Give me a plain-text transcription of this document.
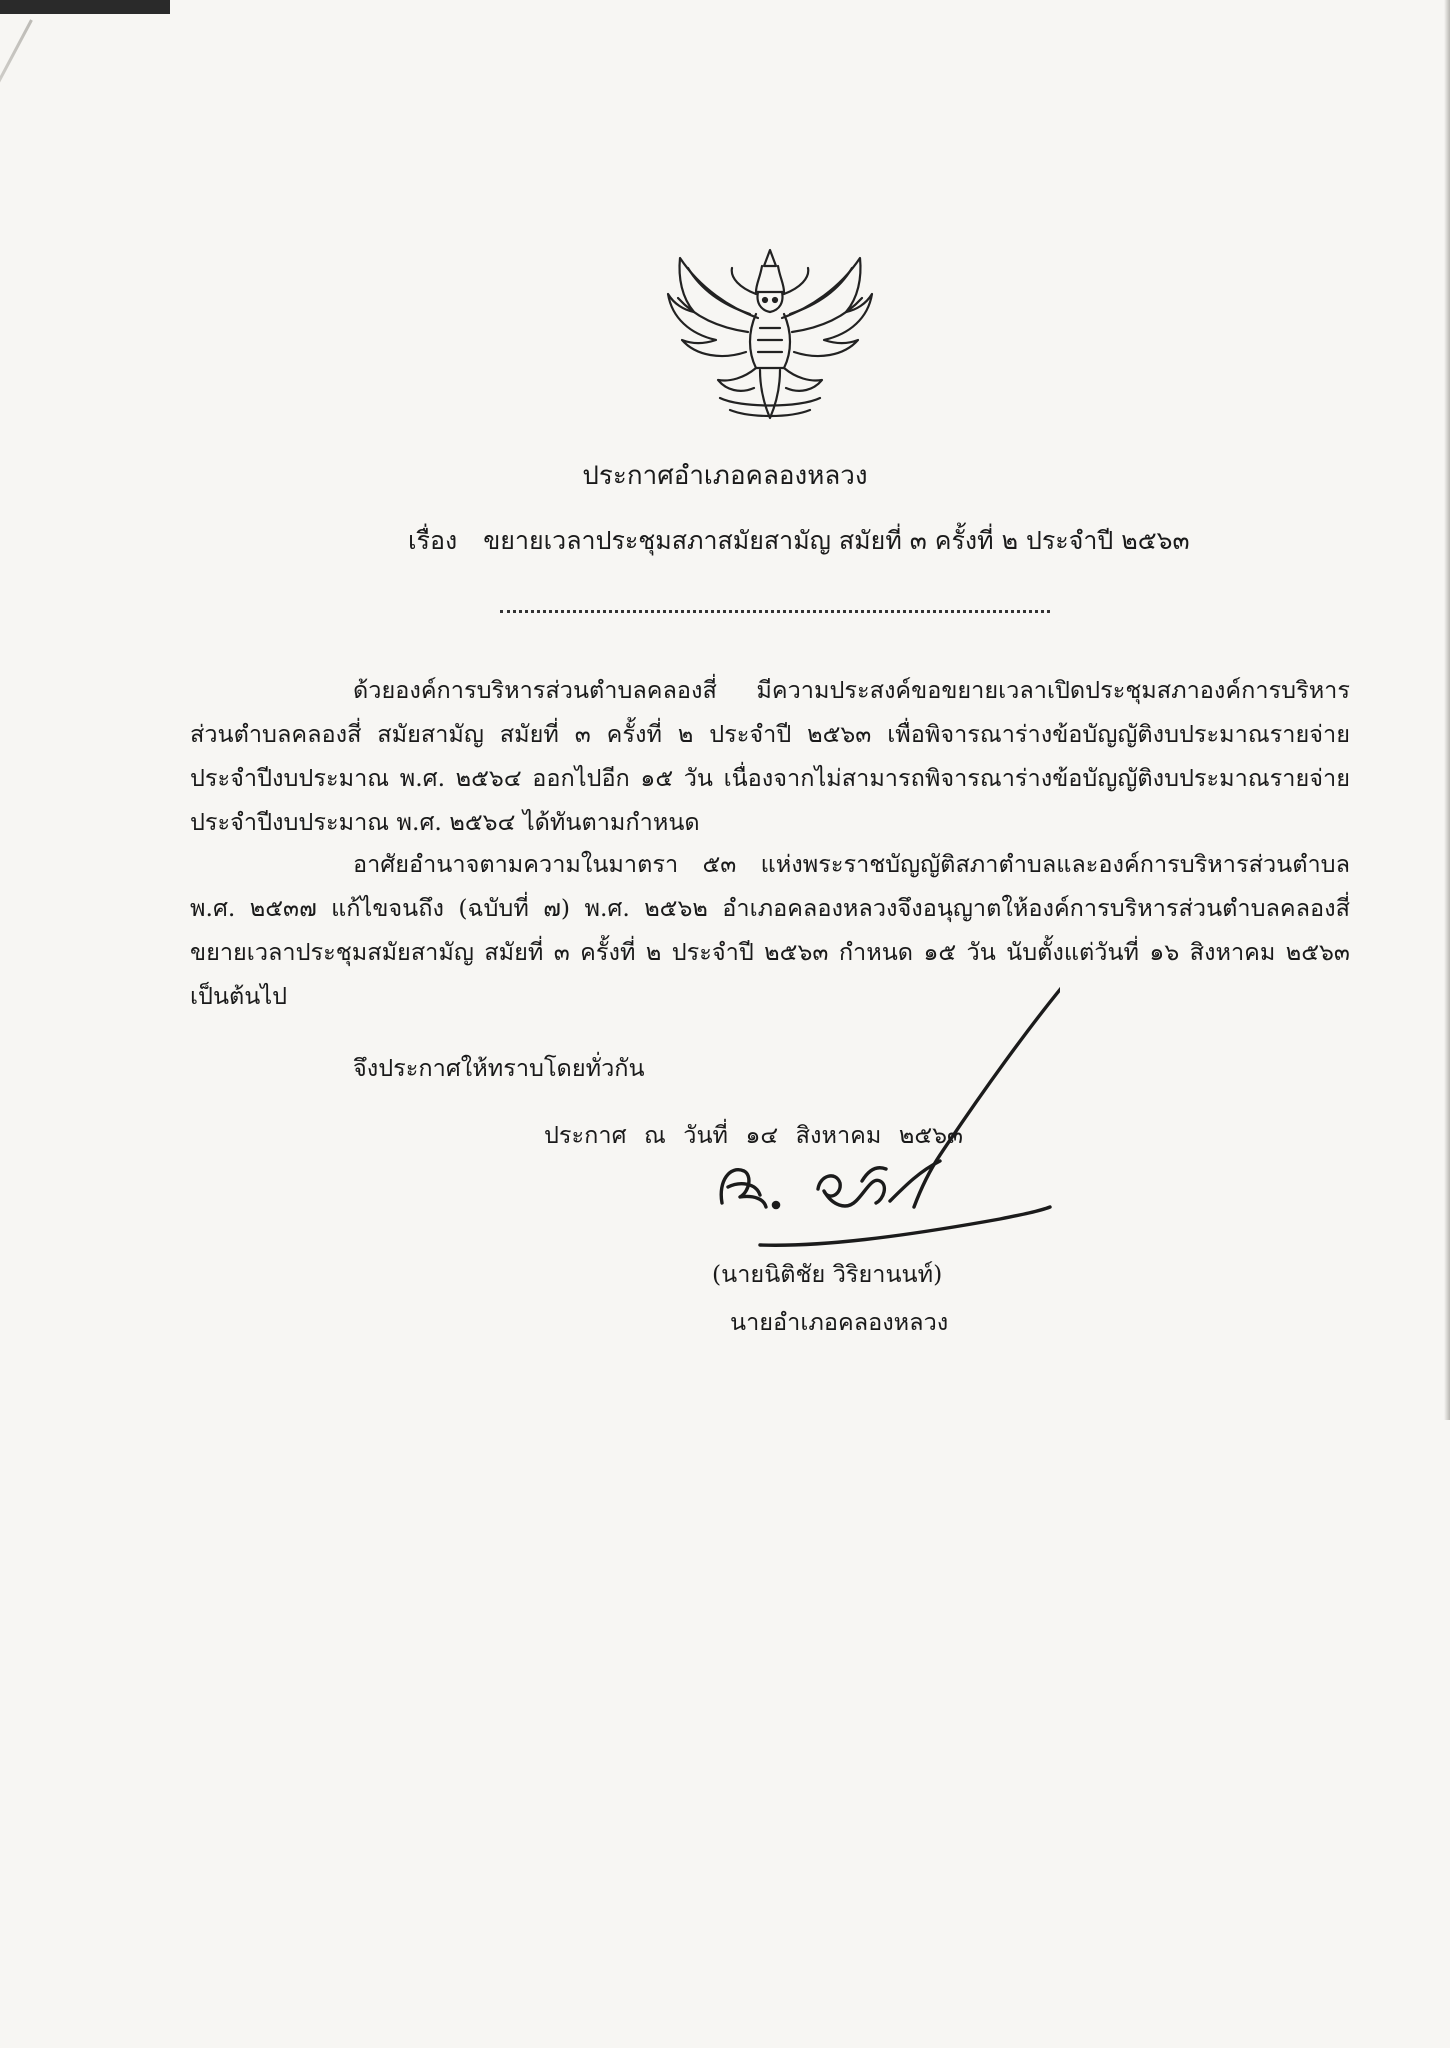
ประกาศอำเภอคลองหลวง
เรื่อง ขยายเวลาประชุมสภาสมัยสามัญ สมัยที่ ๓ ครั้งที่ ๒ ประจำปี ๒๕๖๓
ด้วยองค์การบริหารส่วนตำบลคลองสี่ มีความประสงค์ขอขยายเวลาเปิดประชุมสภาองค์การบริหาร
ส่วนตำบลคลองสี่ สมัยสามัญ สมัยที่ ๓ ครั้งที่ ๒ ประจำปี ๒๕๖๓ เพื่อพิจารณาร่างข้อบัญญัติงบประมาณรายจ่าย
ประจำปีงบประมาณ พ.ศ. ๒๕๖๔ ออกไปอีก ๑๕ วัน เนื่องจากไม่สามารถพิจารณาร่างข้อบัญญัติงบประมาณรายจ่าย
ประจำปีงบประมาณ พ.ศ. ๒๕๖๔ ได้ทันตามกำหนด
อาศัยอำนาจตามความในมาตรา ๕๓ แห่งพระราชบัญญัติสภาตำบลและองค์การบริหารส่วนตำบล
พ.ศ. ๒๕๓๗ แก้ไขจนถึง (ฉบับที่ ๗) พ.ศ. ๒๕๖๒ อำเภอคลองหลวงจึงอนุญาตให้องค์การบริหารส่วนตำบลคลองสี่
ขยายเวลาประชุมสมัยสามัญ สมัยที่ ๓ ครั้งที่ ๒ ประจำปี ๒๕๖๓ กำหนด ๑๕ วัน นับตั้งแต่วันที่ ๑๖ สิงหาคม ๒๕๖๓
เป็นต้นไป
จึงประกาศให้ทราบโดยทั่วกัน
ประกาศ ณ วันที่ ๑๔ สิงหาคม ๒๕๖๓
(นายนิติชัย วิริยานนท์)
นายอำเภอคลองหลวง
